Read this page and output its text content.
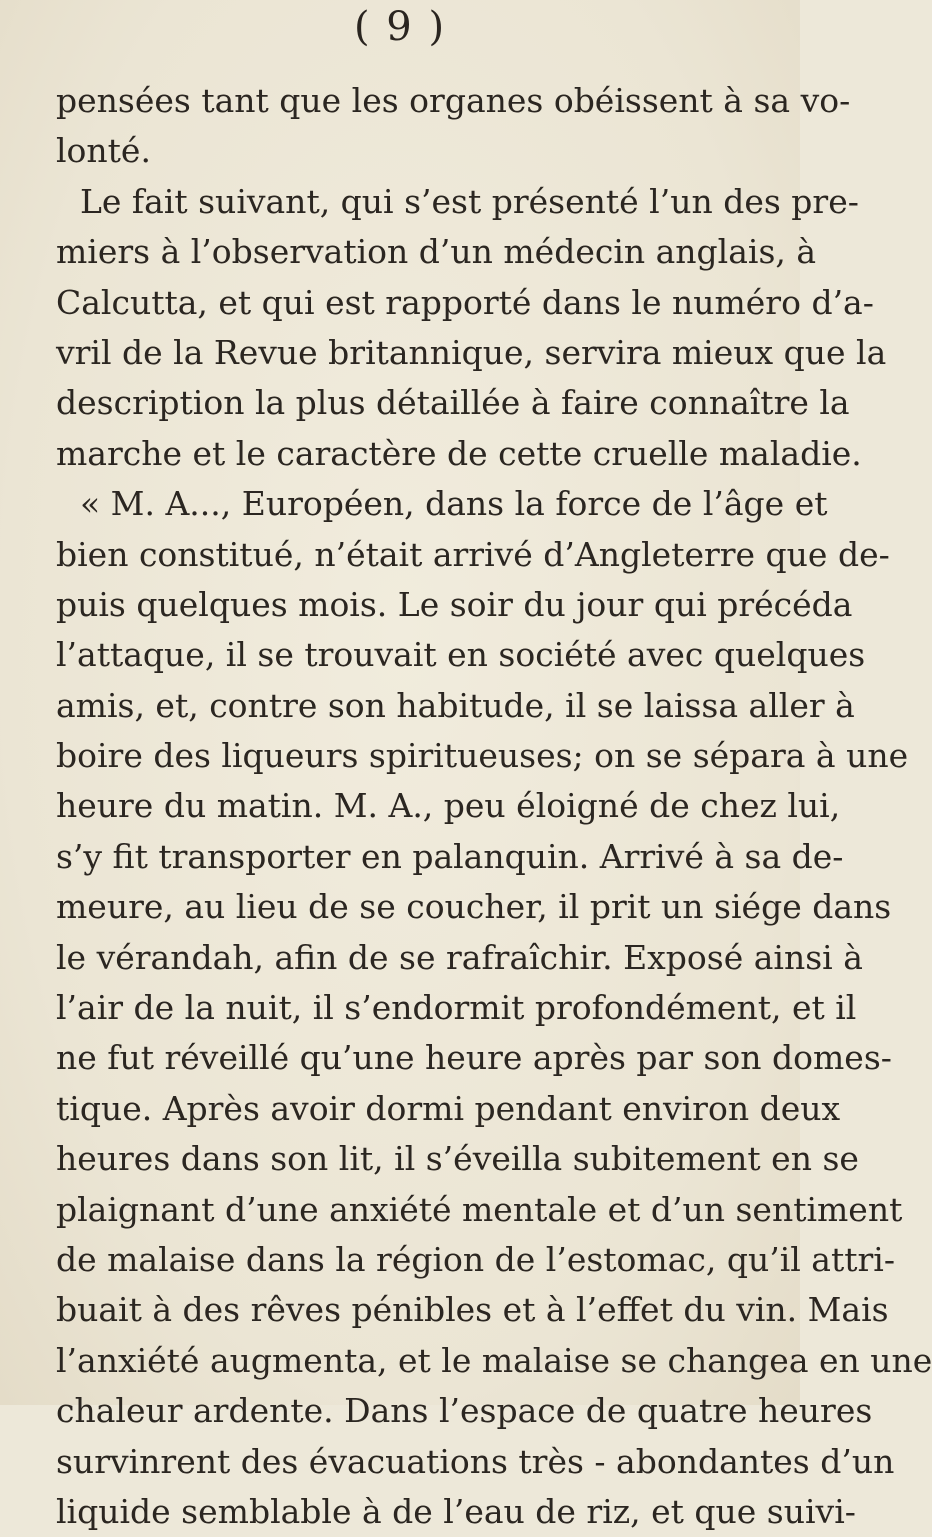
( 9 )
pensées tant que les organes obéissent à sa vo-
lonté.
Le fait suivant, qui s’est présenté l’un des pre-
miers à l’observation d’un médecin anglais, à
Calcutta, et qui est rapporté dans le numéro d’a-
vril de la Revue britannique, servira mieux que la
description la plus détaillée à faire connaître la
marche et le caractère de cette cruelle maladie.
« M. A..., Européen, dans la force de l’âge et
bien constitué, n’était arrivé d’Angleterre que de-
puis quelques mois. Le soir du jour qui précéda
l’attaque, il se trouvait en société avec quelques
amis, et, contre son habitude, il se laissa aller à
boire des liqueurs spiritueuses; on se sépara à une
heure du matin. M. A., peu éloigné de chez lui,
s’y fit transporter en palanquin. Arrivé à sa de-
meure, au lieu de se coucher, il prit un siége dans
le vérandah, afin de se rafraîchir. Exposé ainsi à
l’air de la nuit, il s’endormit profondément, et il
ne fut réveillé qu’une heure après par son domes-
tique. Après avoir dormi pendant environ deux
heures dans son lit, il s’éveilla subitement en se
plaignant d’une anxiété mentale et d’un sentiment
de malaise dans la région de l’estomac, qu’il attri-
buait à des rêves pénibles et à l’effet du vin. Mais
l’anxiété augmenta, et le malaise se changea en une
chaleur ardente. Dans l’espace de quatre heures
survinrent des évacuations très - abondantes d’un
liquide semblable à de l’eau de riz, et que suivi-
